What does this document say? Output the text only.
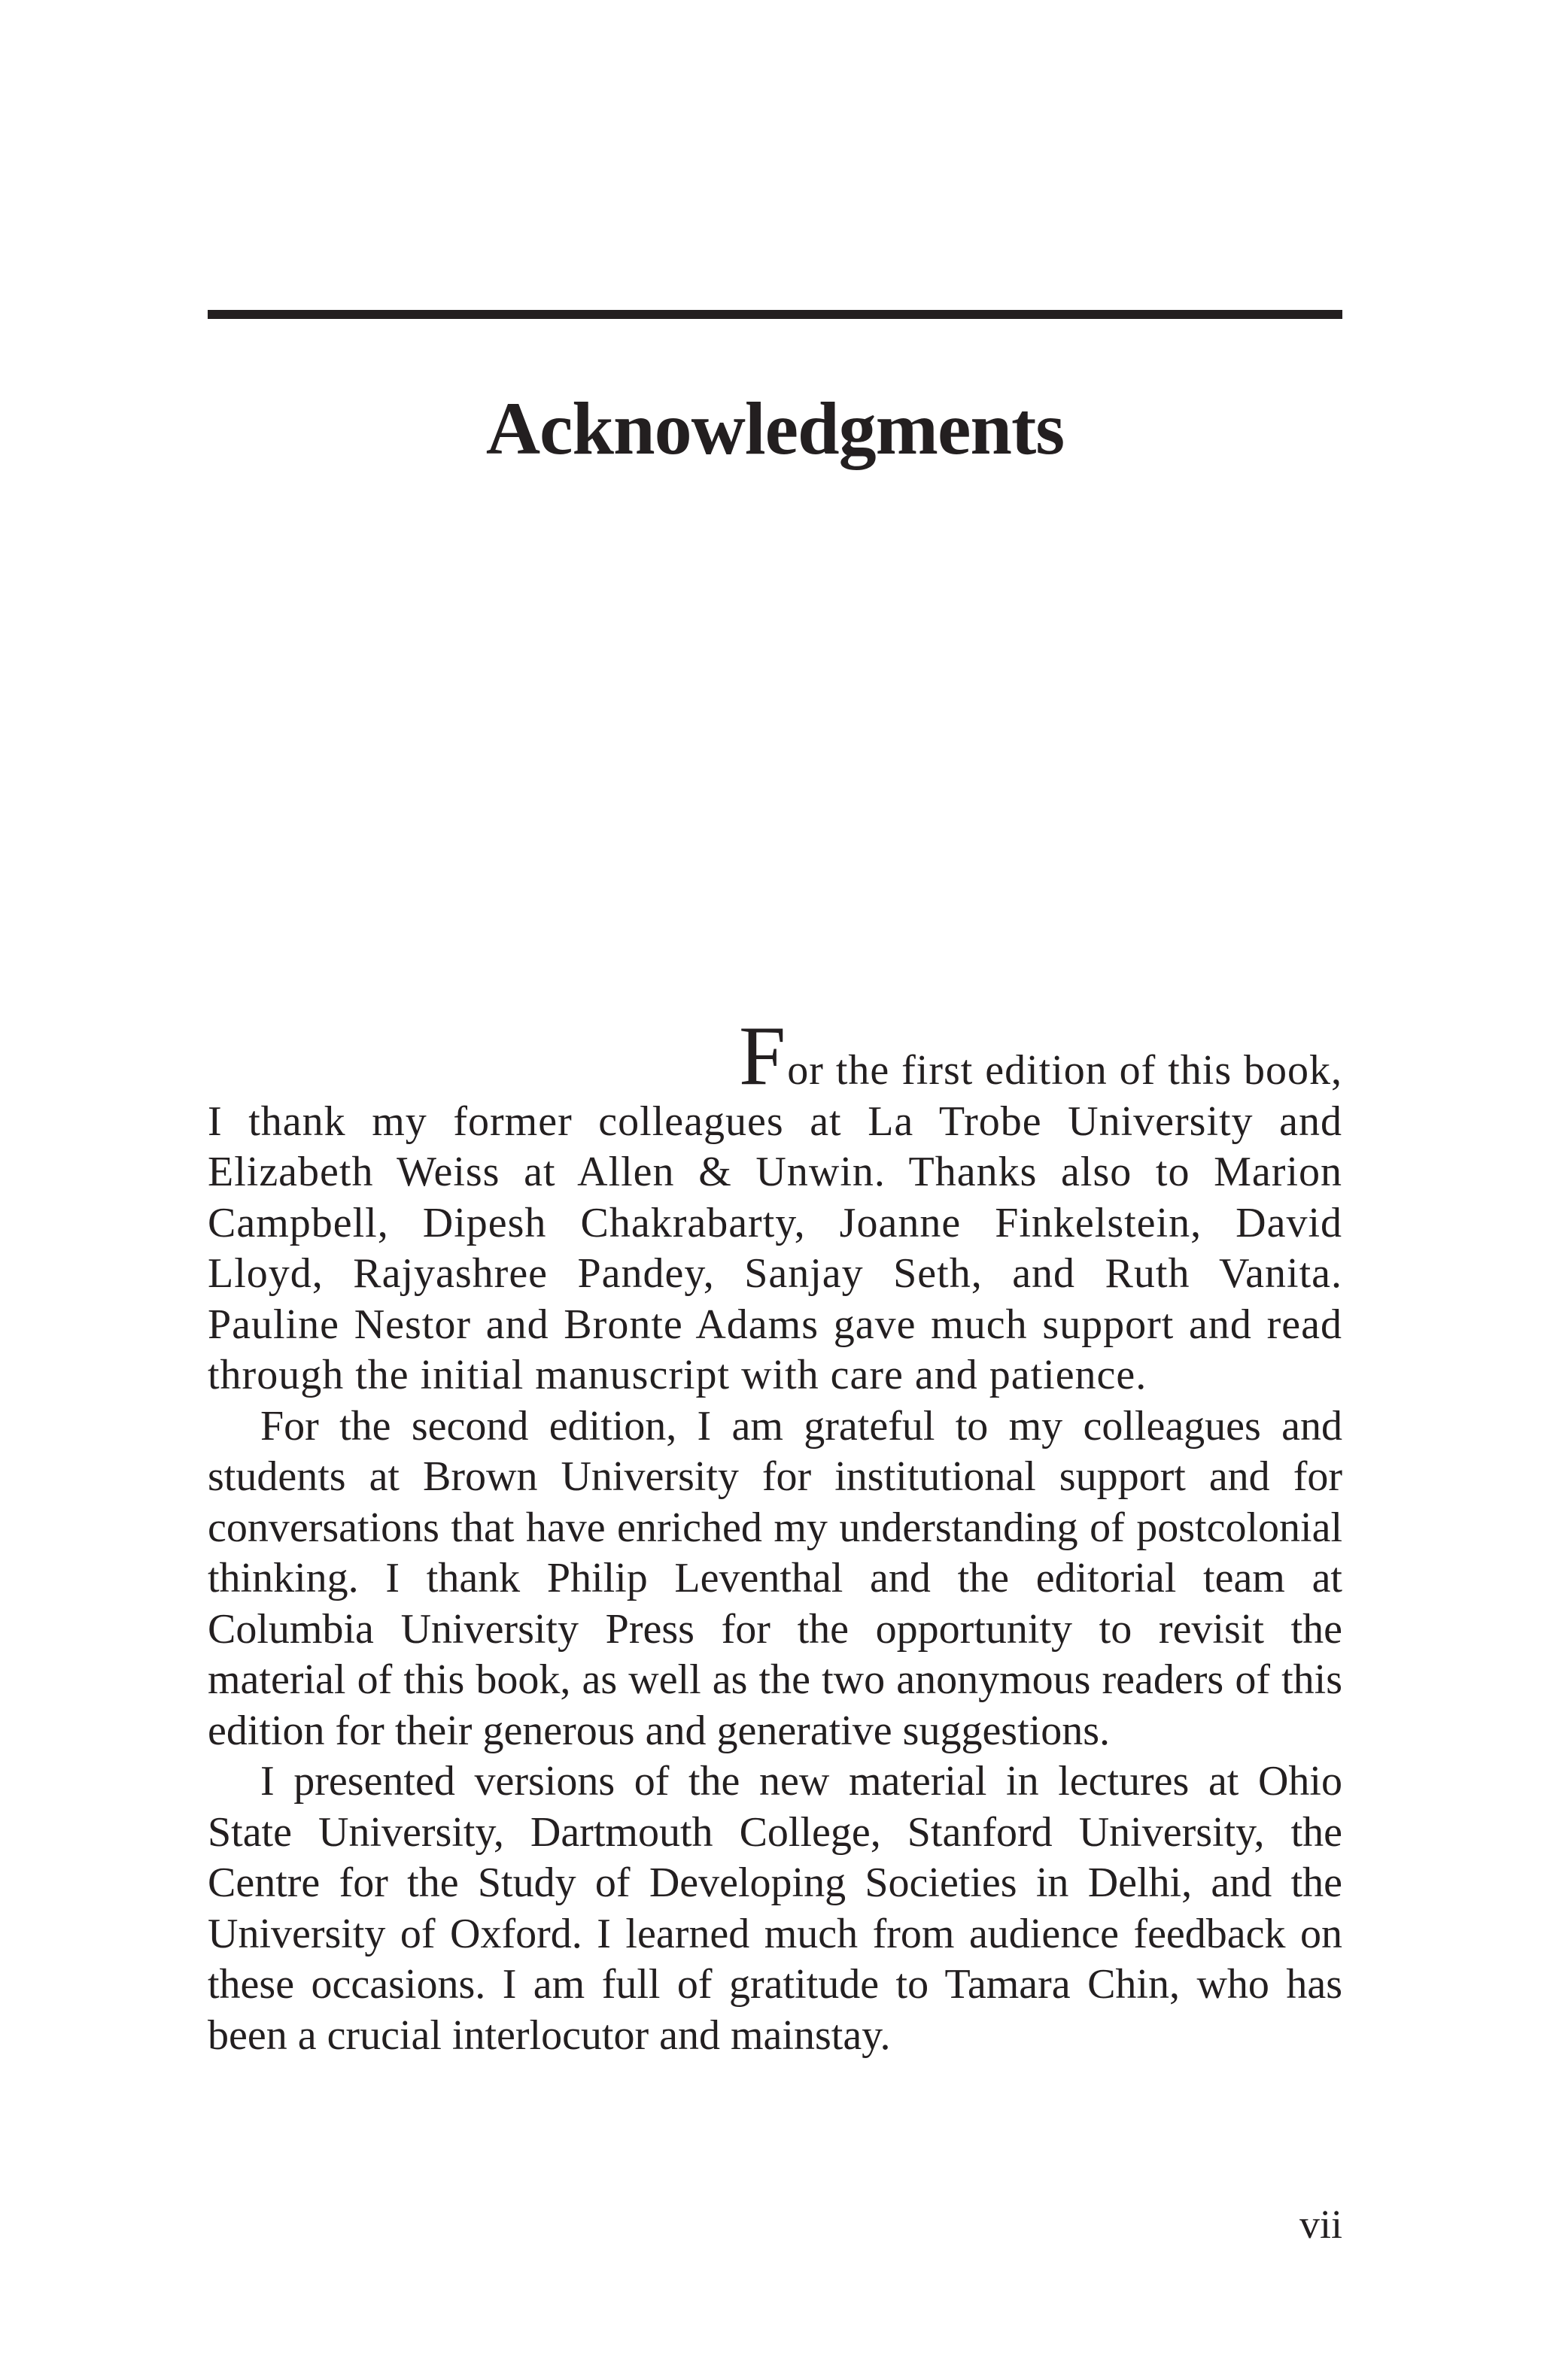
Acknowledgments

For the first edition of this book, I thank my former colleagues at La Trobe University and Elizabeth Weiss at Allen & Unwin. Thanks also to Marion Campbell, Dipesh Chakrabarty, Joanne Finkelstein, David Lloyd, Rajyashree Pandey, Sanjay Seth, and Ruth Vanita. Pauline Nestor and Bronte Adams gave much support and read through the initial manuscript with care and patience.

For the second edition, I am grateful to my colleagues and students at Brown University for institutional support and for conversations that have enriched my understanding of postcolonial thinking. I thank Philip Leventhal and the editorial team at Columbia University Press for the opportunity to revisit the material of this book, as well as the two anonymous readers of this edition for their generous and generative suggestions.

I presented versions of the new material in lectures at Ohio State University, Dartmouth College, Stanford University, the Centre for the Study of Developing Societies in Delhi, and the University of Oxford. I learned much from audience feedback on these occasions. I am full of gratitude to Tamara Chin, who has been a crucial interlocutor and mainstay.

vii
